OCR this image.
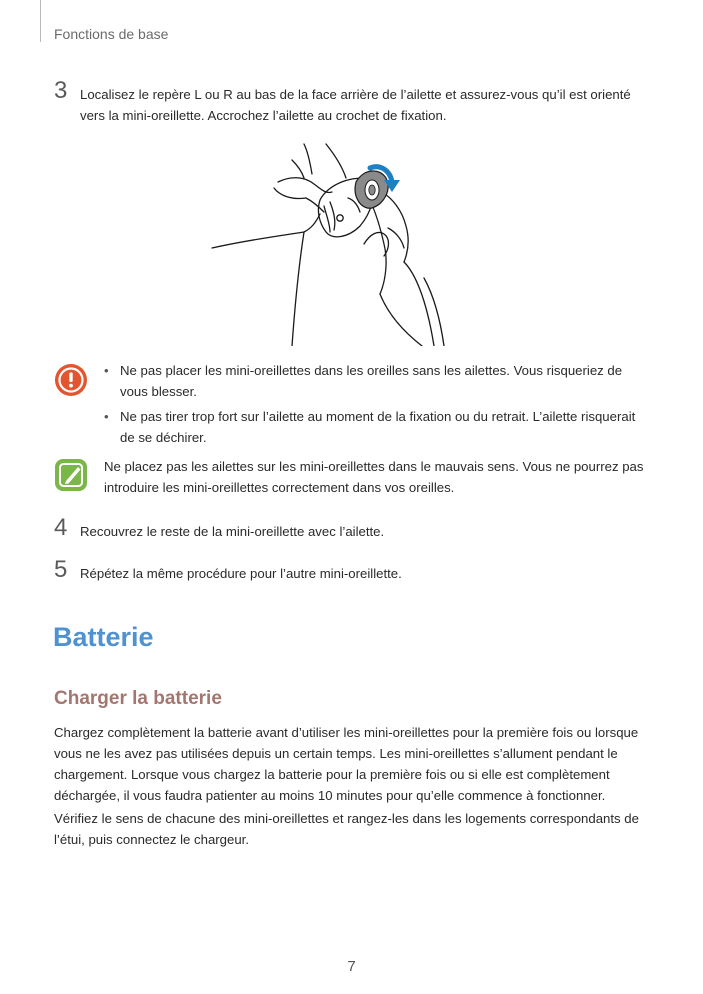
Fonctions de base
3 Localisez le repère L ou R au bas de la face arrière de l’ailette et assurez-vous qu’il est orienté vers la mini-oreillette. Accrochez l’ailette au crochet de fixation.
• Ne pas placer les mini-oreillettes dans les oreilles sans les ailettes. Vous risqueriez de vous blesser.
• Ne pas tirer trop fort sur l’ailette au moment de la fixation ou du retrait. L’ailette risquerait de se déchirer.
Ne placez pas les ailettes sur les mini-oreillettes dans le mauvais sens. Vous ne pourrez pas introduire les mini-oreillettes correctement dans vos oreilles.
4 Recouvrez le reste de la mini-oreillette avec l’ailette.
5 Répétez la même procédure pour l’autre mini-oreillette.
Batterie
Charger la batterie

Chargez complètement la batterie avant d’utiliser les mini-oreillettes pour la première fois ou lorsque vous ne les avez pas utilisées depuis un certain temps. Les mini-oreillettes s’allument pendant le chargement. Lorsque vous chargez la batterie pour la première fois ou si elle est complètement déchargée, il vous faudra patienter au moins 10 minutes pour qu’elle commence à fonctionner.

Vérifiez le sens de chacune des mini-oreillettes et rangez-les dans les logements correspondants de l’étui, puis connectez le chargeur.

7
